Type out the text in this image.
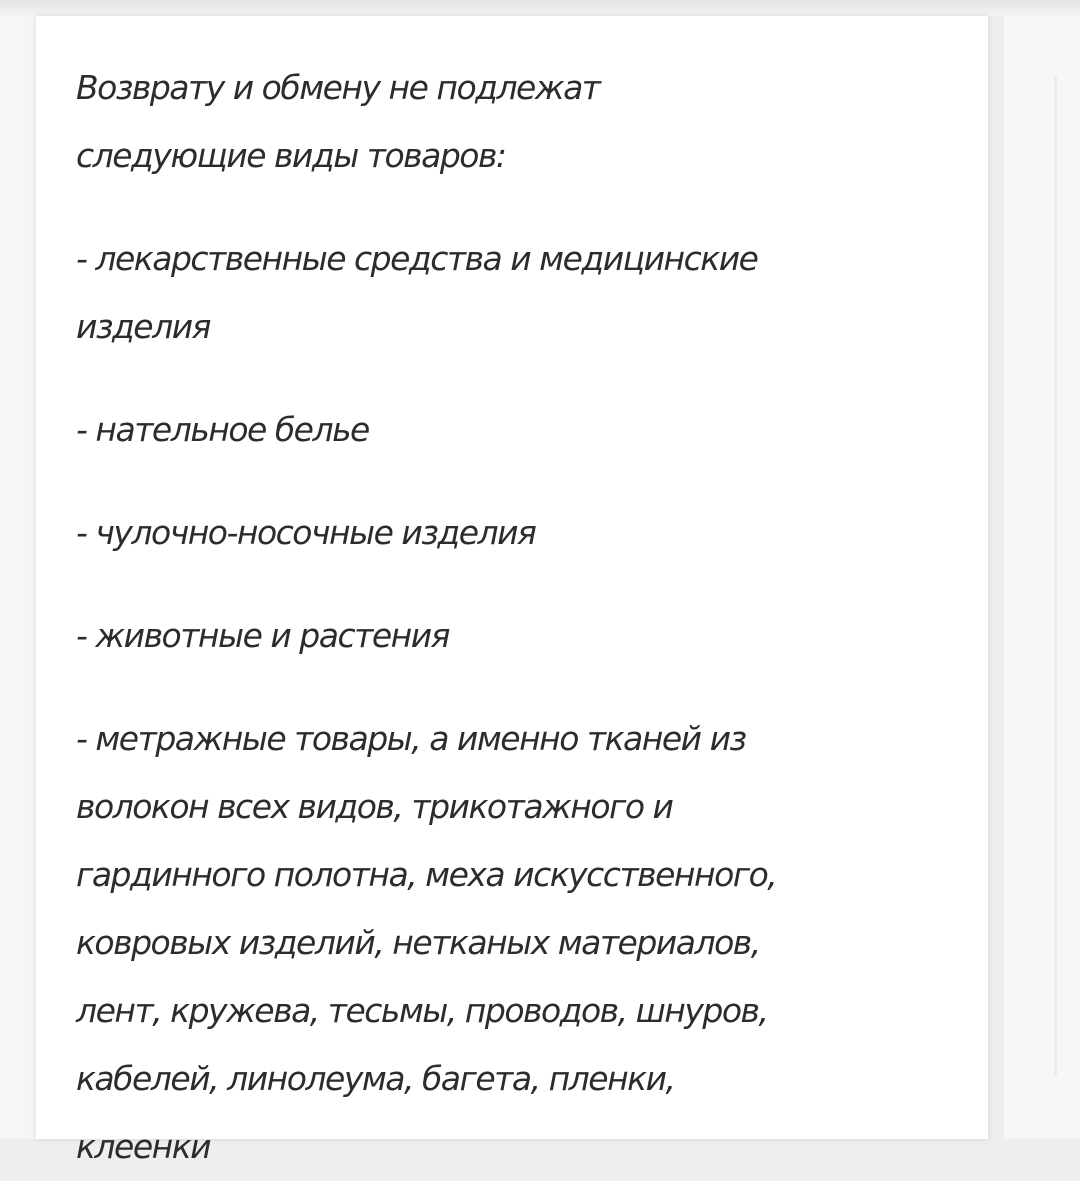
Возврату и обмену не подлежат

следующие виды товаров:

- лекарственные средства и медицинские

изделия

- нательное белье

- чулочно-носочные изделия

- животные и растения

- метражные товары, а именно тканей из

волокон всех видов, трикотажного и

гардинного полотна, меха искусственного,

ковровых изделий, нетканых материалов,

лент, кружева, тесьмы, проводов, шнуров,

кабелей, линолеума, багета, пленки,

клеенки
